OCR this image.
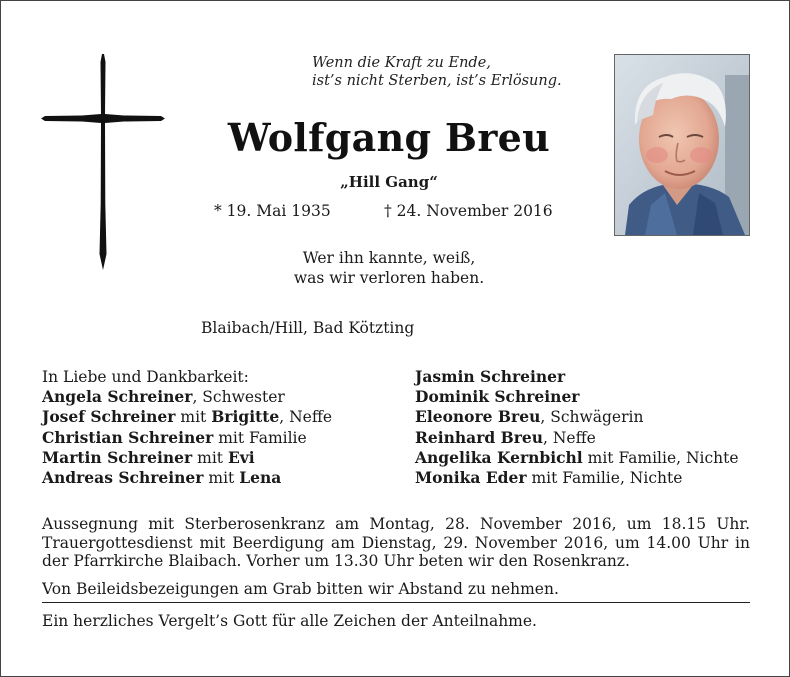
Wenn die Kraft zu Ende,
ist’s nicht Sterben, ist’s Erlösung.
Wolfgang Breu
„Hill Gang“
* 19. Mai 1935	† 24. November 2016
Wer ihn kannte, weiß,
was wir verloren haben.
Blaibach/Hill, Bad Kötzting
In Liebe und Dankbarkeit:
Angela Schreiner, Schwester
Josef Schreiner mit Brigitte, Neffe
Christian Schreiner mit Familie
Martin Schreiner mit Evi
Andreas Schreiner mit Lena
Jasmin Schreiner
Dominik Schreiner
Eleonore Breu, Schwägerin
Reinhard Breu, Neffe
Angelika Kernbichl mit Familie, Nichte
Monika Eder mit Familie, Nichte
Aussegnung mit Sterberosenkranz am Montag, 28. November 2016, um 18.15 Uhr. Trauergottesdienst mit Beerdigung am Dienstag, 29. November 2016, um 14.00 Uhr in der Pfarrkirche Blaibach. Vorher um 13.30 Uhr beten wir den Rosenkranz.
Von Beileidsbezeigungen am Grab bitten wir Abstand zu nehmen.
Ein herzliches Vergelt’s Gott für alle Zeichen der Anteilnahme.
